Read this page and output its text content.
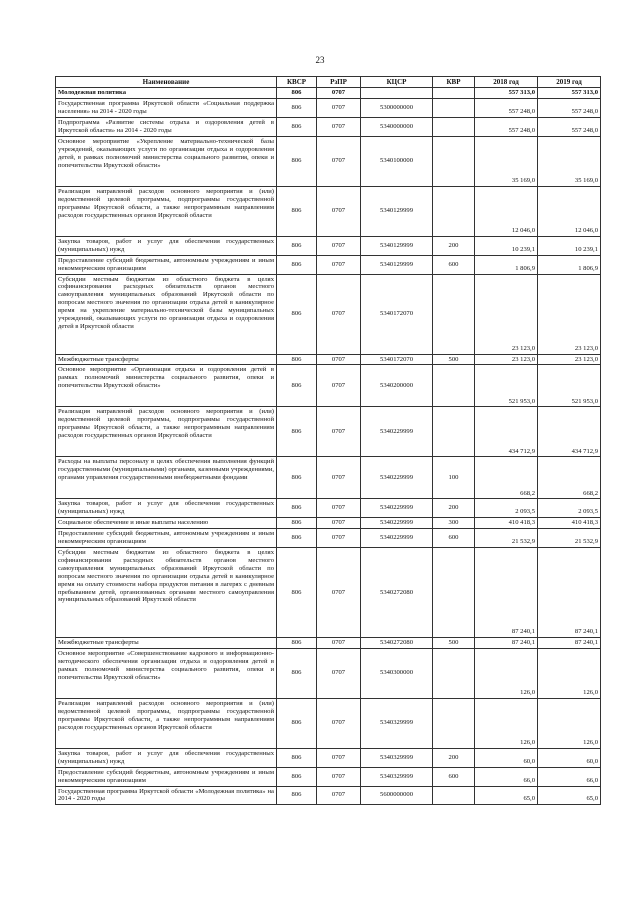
23
Наименование	КВСР	РзПР	КЦСР	КВР	2018 год	2019 год
Молодежная политика	806	0707			557 313,0	557 313,0
Государственная программа Иркутской области «Социальная поддержка населения» на 2014 - 2020 годы	806	0707	5300000000		557 248,0	557 248,0
Подпрограмма «Развитие системы отдыха и оздоровления детей в Иркутской области» на 2014 - 2020 годы	806	0707	5340000000		557 248,0	557 248,0
Основное мероприятие «Укрепление материально-технической базы учреждений, оказывающих услуги по организации отдыха и оздоровления детей, в рамках полномочий министерства социального развития, опеки и попечительства Иркутской области»	806	0707	5340100000		35 169,0	35 169,0
Реализация направлений расходов основного мероприятия и (или) ведомственной целевой программы, подпрограммы государственной программы Иркутской области, а также непрограммным направлениям расходов государственных органов Иркутской области	806	0707	5340129999		12 046,0	12 046,0
Закупка товаров, работ и услуг для обеспечения государственных (муниципальных) нужд	806	0707	5340129999	200	10 239,1	10 239,1
Предоставление субсидий бюджетным, автономным учреждениям и иным некоммерческим организациям	806	0707	5340129999	600	1 806,9	1 806,9
Субсидии местным бюджетам из областного бюджета в целях софинансирования расходных обязательств органов местного самоуправления муниципальных образований Иркутской области по вопросам местного значения по организации отдыха детей в каникулярное время на укрепление материально-технической базы муниципальных учреждений, оказывающих услуги по организации отдыха и оздоровления детей в Иркутской области	806	0707	5340172070		23 123,0	23 123,0
Межбюджетные трансферты	806	0707	5340172070	500	23 123,0	23 123,0
Основное мероприятие «Организация отдыха и оздоровления детей в рамках полномочий министерства социального развития, опеки и попечительства Иркутской области»	806	0707	5340200000		521 953,0	521 953,0
Реализация направлений расходов основного мероприятия и (или) ведомственной целевой программы, подпрограммы государственной программы Иркутской области, а также непрограммным направлениям расходов государственных органов Иркутской области	806	0707	5340229999		434 712,9	434 712,9
Расходы на выплаты персоналу в целях обеспечения выполнения функций государственными (муниципальными) органами, казенными учреждениями, органами управления государственными внебюджетными фондами	806	0707	5340229999	100	668,2	668,2
Закупка товаров, работ и услуг для обеспечения государственных (муниципальных) нужд	806	0707	5340229999	200	2 093,5	2 093,5
Социальное обеспечение и иные выплаты населению	806	0707	5340229999	300	410 418,3	410 418,3
Предоставление субсидий бюджетным, автономным учреждениям и иным некоммерческим организациям	806	0707	5340229999	600	21 532,9	21 532,9
Субсидии местным бюджетам из областного бюджета в целях софинансирования расходных обязательств органов местного самоуправления муниципальных образований Иркутской области по вопросам местного значения по организации отдыха детей в каникулярное время на оплату стоимости набора продуктов питания в лагерях с дневным пребыванием детей, организованных органами местного самоуправления муниципальных образований Иркутской области	806	0707	5340272080		87 240,1	87 240,1
Межбюджетные трансферты	806	0707	5340272080	500	87 240,1	87 240,1
Основное мероприятие «Совершенствование кадрового и информационно-методического обеспечения организации отдыха и оздоровления детей в рамках полномочий министерства социального развития, опеки и попечительства Иркутской области»	806	0707	5340300000		126,0	126,0
Реализация направлений расходов основного мероприятия и (или) ведомственной целевой программы, подпрограммы государственной программы Иркутской области, а также непрограммным направлениям расходов государственных органов Иркутской области	806	0707	5340329999		126,0	126,0
Закупка товаров, работ и услуг для обеспечения государственных (муниципальных) нужд	806	0707	5340329999	200	60,0	60,0
Предоставление субсидий бюджетным, автономным учреждениям и иным некоммерческим организациям	806	0707	5340329999	600	66,0	66,0
Государственная программа Иркутской области «Молодежная политика» на 2014 - 2020 годы	806	0707	5600000000		65,0	65,0
